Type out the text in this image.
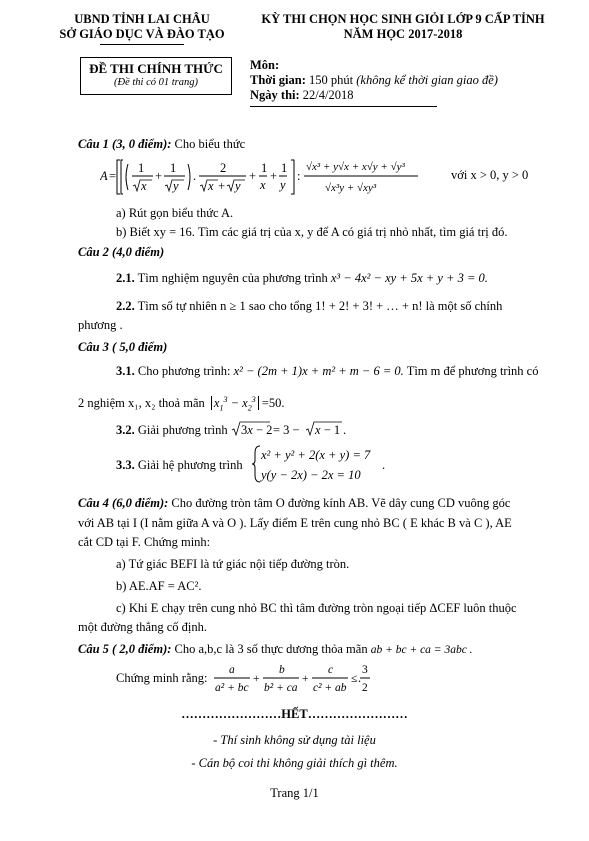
UBND TỈNH LAI CHÂU
SỞ GIÁO DỤC VÀ ĐÀO TẠO
KỲ THI CHỌN HỌC SINH GIỎI LỚP 9 CẤP TỈNH
NĂM HỌC 2017-2018
ĐỀ THI CHÍNH THỨC
(Đề thi có 01 trang)
Môn:
Thời gian: 150 phút (không kể thời gian giao đề)
Ngày thi: 22/4/2018
Câu 1 (3, 0 điểm): Cho biểu thức
A =
1
x
+
1
y
.
2
x + y
+
1
x
+
1
y
:
√x³ + y√x + x√y + √y³
√x³y + √xy³
với x > 0, y > 0
a) Rút gọn biểu thức A.
b) Biết xy = 16. Tìm các giá trị của x, y để A có giá trị nhỏ nhất, tìm giá trị đó.
Câu 2 (4,0 điểm)
2.1. Tìm nghiệm nguyên của phương trình x³ − 4x² − xy + 5x + y + 3 = 0.
2.2. Tìm số tự nhiên n ≥ 1 sao cho tổng 1! + 2! + 3! + … + n! là một số chính
phương .
Câu 3 ( 5,0 điểm)
3.1. Cho phương trình: x² − (2m + 1)x + m² + m − 6 = 0. Tìm m để phương trình có
2 nghiệm x₁, x₂ thoả mãn $x_1^3 - x_2^3 =50$.
3.2. Giải phương trình 3x − 2 = 3 − x − 1 .
3.3. Giải hệ phương trình
x² + y² + 2(x + y) = 7
y(y − 2x) − 2x = 10
.
Câu 4 (6,0 điểm): Cho đường tròn tâm O đường kính AB. Vẽ dây cung CD vuông góc
với AB tại I (I nằm giữa A và O ). Lấy điểm E trên cung nhỏ BC ( E khác B và C ), AE
cắt CD tại F. Chứng minh:
a) Tứ giác BEFI là tứ giác nội tiếp đường tròn.
b) AE.AF = AC².
c) Khi E chạy trên cung nhỏ BC thì tâm đường tròn ngoại tiếp ΔCEF luôn thuộc
một đường thẳng cố định.
Câu 5 ( 2,0 điểm): Cho a,b,c là 3 số thực dương thỏa mãn ab + bc + ca = 3abc .
Chứng minh rằng:
a
a² + bc
+
b
b² + ca
+
c
c² + ab
≤
3
2
.
……………………HẾT……………………
- Thí sinh không sử dụng tài liệu
- Cán bộ coi thi không giải thích gì thêm.
Trang 1/1
